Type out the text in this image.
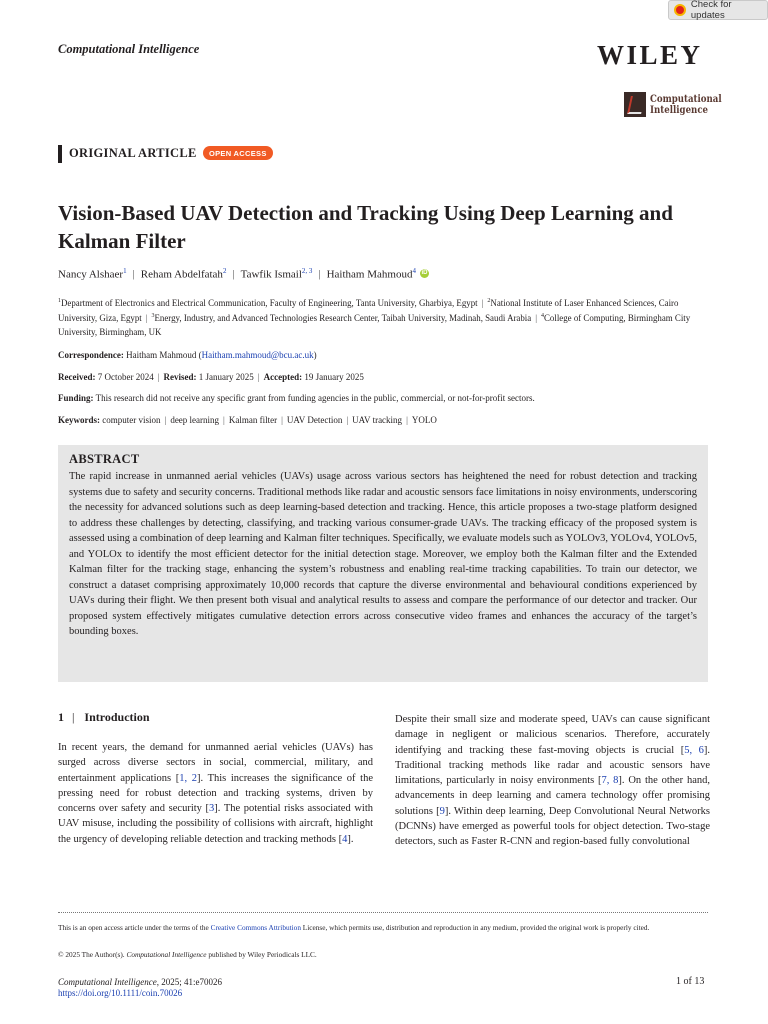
Check for updates
Computational Intelligence	WILEY
Computational
Intelligence
ORIGINAL ARTICLE	OPEN ACCESS
Vision-Based UAV Detection and Tracking Using Deep Learning and Kalman Filter
Nancy Alshaer$^1$ | Reham Abdelfatah$^2$ | Tawfik Ismail$^{2, 3}$ | Haitham Mahmoud$^4$ iD
$^1$Department of Electronics and Electrical Communication, Faculty of Engineering, Tanta University, Gharbiya, Egypt | $^2$National Institute of Laser Enhanced Sciences, Cairo University, Giza, Egypt | $^3$Energy, Industry, and Advanced Technologies Research Center, Taibah University, Madinah, Saudi Arabia | $^4$College of Computing, Birmingham City University, Birmingham, UK
Correspondence: Haitham Mahmoud (Haitham.mahmoud@bcu.ac.uk)
Received: 7 October 2024 | Revised: 1 January 2025 | Accepted: 19 January 2025
Funding: This research did not receive any specific grant from funding agencies in the public, commercial, or not-for-profit sectors.
Keywords: computer vision | deep learning | Kalman filter | UAV Detection | UAV tracking | YOLO
ABSTRACT
The rapid increase in unmanned aerial vehicles (UAVs) usage across various sectors has heightened the need for robust detection and tracking systems due to safety and security concerns. Traditional methods like radar and acoustic sensors face limitations in noisy environments, underscoring the necessity for advanced solutions such as deep learning-based detection and tracking. Hence, this article proposes a two-stage platform designed to address these challenges by detecting, classifying, and tracking various consumer-grade UAVs. The tracking efficacy of the proposed system is assessed using a combination of deep learning and Kalman filter techniques. Specifically, we evaluate models such as YOLOv3, YOLOv4, YOLOv5, and YOLOx to identify the most efficient detector for the initial detection stage. Moreover, we employ both the Kalman filter and the Extended Kalman filter for the tracking stage, enhancing the system’s robustness and enabling real-time tracking capabilities. To train our detector, we construct a dataset comprising approximately 10,000 records that capture the diverse environmental and behavioural conditions experienced by UAVs during their flight. We then present both visual and analytical results to assess and compare the performance of our detector and tracker. Our proposed system effectively mitigates cumulative detection errors across consecutive video frames and enhances the accuracy of the target’s bounding boxes.
1 | Introduction
In recent years, the demand for unmanned aerial vehicles (UAVs) has surged across diverse sectors in social, commercial, military, and entertainment applications [1, 2]. This increases the significance of the pressing need for robust detection and tracking systems, driven by concerns over safety and security [3]. The potential risks associated with UAV misuse, including the possibility of collisions with aircraft, highlight the urgency of developing reliable detection and tracking methods [4].
Despite their small size and moderate speed, UAVs can cause significant damage in negligent or malicious scenarios. Therefore, accurately identifying and tracking these fast-moving objects is crucial [5, 6]. Traditional tracking methods like radar and acoustic sensors have limitations, particularly in noisy environments [7, 8]. On the other hand, advancements in deep learning and camera technology offer promising solutions [9]. Within deep learning, Deep Convolutional Neural Networks (DCNNs) have emerged as powerful tools for object detection. Two-stage detectors, such as Faster R-CNN and region-based fully convolutional
This is an open access article under the terms of the Creative Commons Attribution License, which permits use, distribution and reproduction in any medium, provided the original work is properly cited.
© 2025 The Author(s). Computational Intelligence published by Wiley Periodicals LLC.
Computational Intelligence, 2025; 41:e70026
https://doi.org/10.1111/coin.70026
1 of 13
